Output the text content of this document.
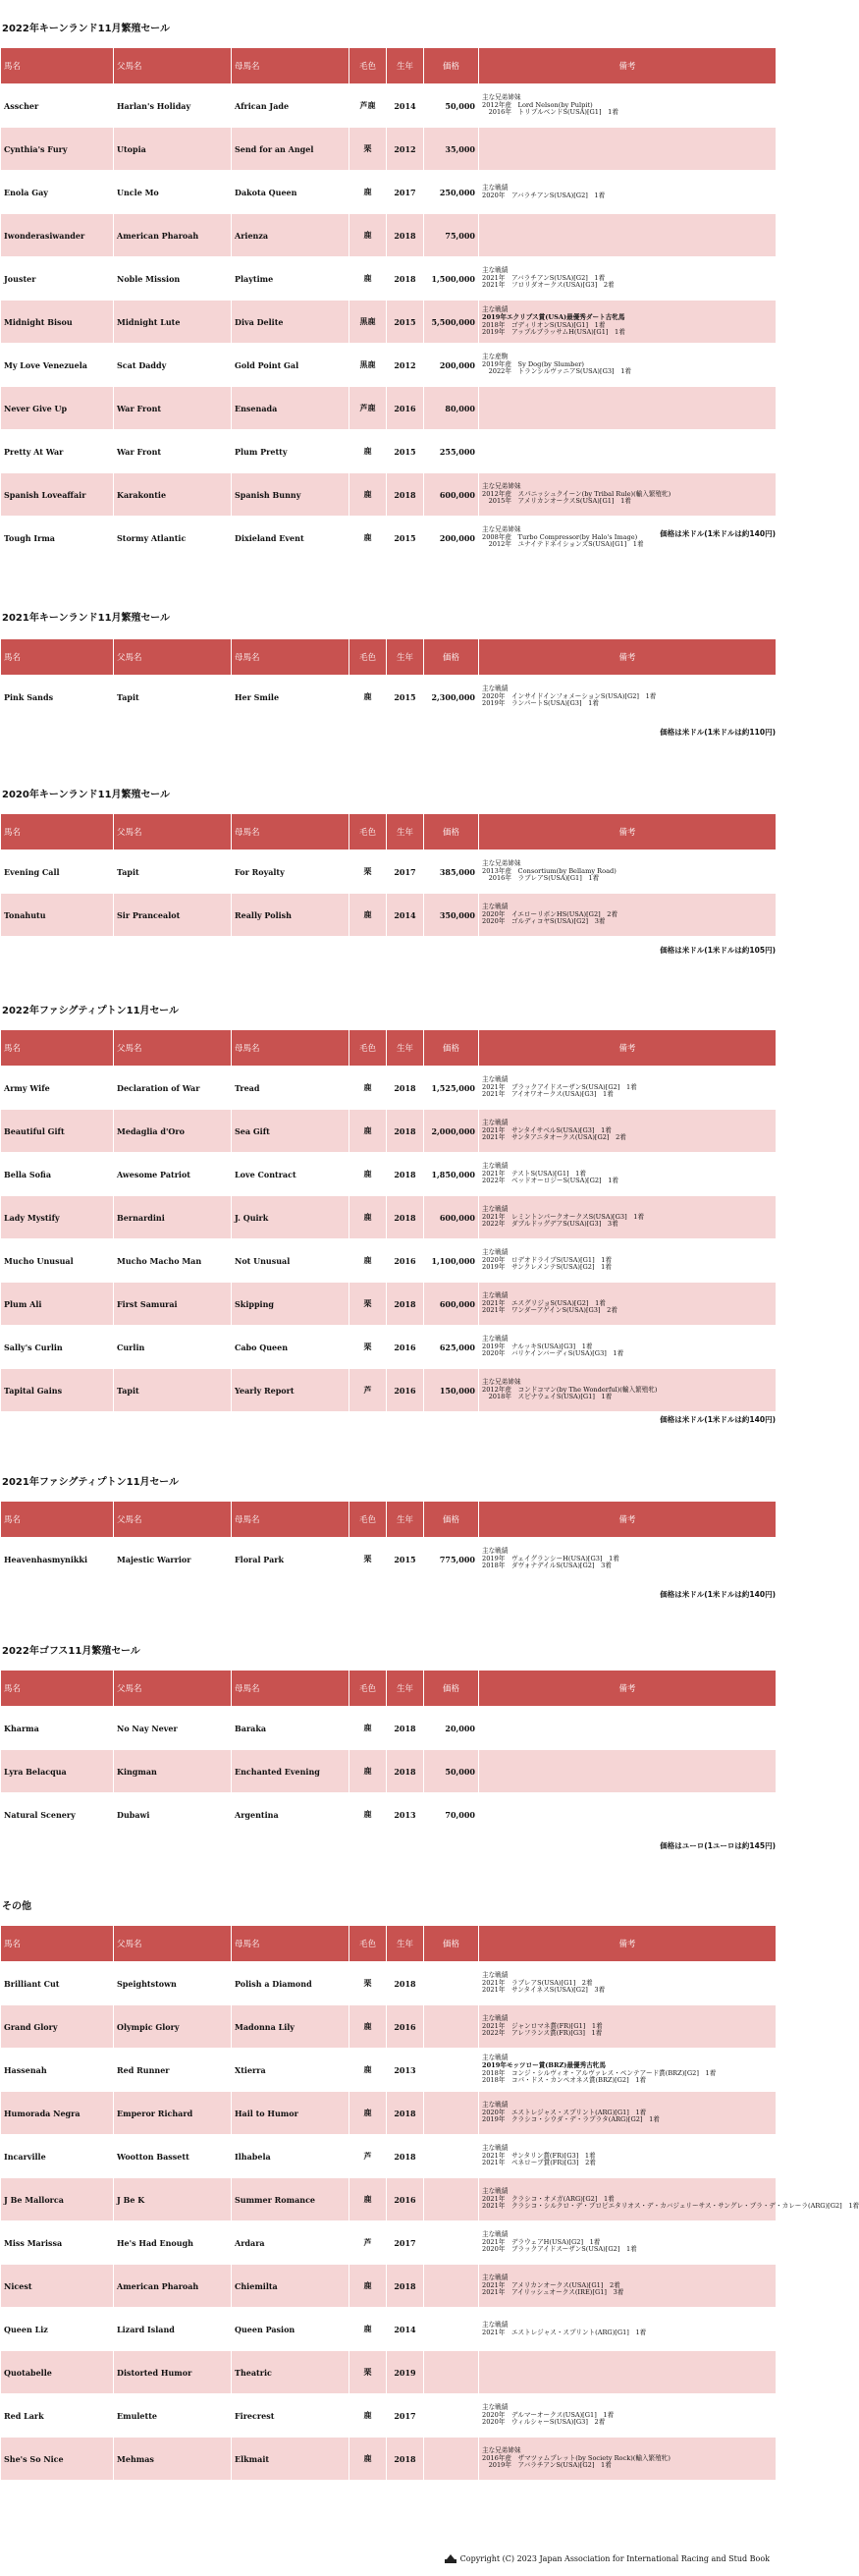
2022年キーンランド11月繁殖セール
馬名	父馬名	母馬名	毛色	生年	価格	備考
Asscher	Harlan's Holiday	African Jade	芦鹿	2014	50,000	主な兄弟姉妹
2012年産　Lord Nelson(by Pulpit)
　2016年　トリプルベンドS(USA)[G1]　1着

Cynthia's Fury	Utopia	Send for an Angel	栗	2012	35,000	
Enola Gay	Uncle Mo	Dakota Queen	鹿	2017	250,000	主な戦績
2020年　アバラチアンS(USA)[G2]　1着

Iwonderasiwander	American Pharoah	Arienza	鹿	2018	75,000	
Jouster	Noble Mission	Playtime	鹿	2018	1,500,000	主な戦績
2021年　アバラチアンS(USA)[G2]　1着
2021年　フロリダオークス(USA)[G3]　2着

Midnight Bisou	Midnight Lute	Diva Delite	黒鹿	2015	5,500,000	主な戦績
2019年エクリプス賞(USA)最優秀ダート古牝馬
2018年　ゴディリオンS(USA)[G1]　1着
2019年　アップルブラッサムH(USA)[G1]　1着

My Love Venezuela	Scat Daddy	Gold Point Gal	黒鹿	2012	200,000	主な産駒
2019年産　Sy Dog(by Slumber)
　2022年　トランシルヴァニアS(USA)[G3]　1着

Never Give Up	War Front	Ensenada	芦鹿	2016	80,000	
Pretty At War	War Front	Plum Pretty	鹿	2015	255,000	
Spanish Loveaffair	Karakontie	Spanish Bunny	鹿	2018	600,000	主な兄弟姉妹
2012年産　スパニッシュクイーン(by Tribal Rule)(輸入繁殖牝)
　2015年　アメリカンオークスS(USA)[G1]　1着

Tough Irma	Stormy Atlantic	Dixieland Event	鹿	2015	200,000	主な兄弟姉妹
2008年産　Turbo Compressor(by Halo's Image)
　2012年　ユナイテドネイションズS(USA)[G1]　1着
価格は米ドル(1米ドルは約140円)
2021年キーンランド11月繁殖セール
馬名	父馬名	母馬名	毛色	生年	価格	備考
Pink Sands	Tapit	Her Smile	鹿	2015	2,300,000	主な戦績
2020年　インサイドインフォメーションS(USA)[G2]　1着
2019年　ランパートS(USA)[G3]　1着
価格は米ドル(1米ドルは約110円)
2020年キーンランド11月繁殖セール
馬名	父馬名	母馬名	毛色	生年	価格	備考
Evening Call	Tapit	For Royalty	栗	2017	385,000	主な兄弟姉妹
2013年産　Consortium(by Bellamy Road)
　2016年　ラブレアS(USA)[G1]　1着

Tonahutu	Sir Prancealot	Really Polish	鹿	2014	350,000	主な戦績
2020年　イエローリボンHS(USA)[G2]　2着
2020年　ゴルディコヤS(USA)[G2]　3着
価格は米ドル(1米ドルは約105円)
2022年ファシグティプトン11月セール
馬名	父馬名	母馬名	毛色	生年	価格	備考
Army Wife	Declaration of War	Tread	鹿	2018	1,525,000	主な戦績
2021年　ブラックアイドスーザンS(USA)[G2]　1着
2021年　アイオワオークス(USA)[G3]　1着

Beautiful Gift	Medaglia d'Oro	Sea Gift	鹿	2018	2,000,000	主な戦績
2021年　サンタイサベルS(USA)[G3]　1着
2021年　サンタアニタオークス(USA)[G2]　2着

Bella Sofia	Awesome Patriot	Love Contract	鹿	2018	1,850,000	主な戦績
2021年　テストS(USA)[G1]　1着
2022年　ベッドオーロジーS(USA)[G2]　1着

Lady Mystify	Bernardini	J. Quirk	鹿	2018	600,000	主な戦績
2021年　レミントンパークオークスS(USA)[G3]　1着
2022年　ダブルドッグデアS(USA)[G3]　3着

Mucho Unusual	Mucho Macho Man	Not Unusual	鹿	2016	1,100,000	主な戦績
2020年　ロデオドライブS(USA)[G1]　1着
2019年　サンクレメンテS(USA)[G2]　1着

Plum Ali	First Samurai	Skipping	栗	2018	600,000	主な戦績
2021年　エスグリジョS(USA)[G2]　1着
2021年　ワンダーアゲインS(USA)[G3]　2着

Sally's Curlin	Curlin	Cabo Queen	栗	2016	625,000	主な戦績
2019年　ナルッキS(USA)[G3]　1着
2020年　バリケインバーディS(USA)[G3]　1着

Tapital Gains	Tapit	Yearly Report	芦	2016	150,000	主な兄弟姉妹
2012年産　コンドコマン(by The Wonderful)(輸入繁殖牝)
　2018年　スピナウェイS(USA)[G1]　1着
価格は米ドル(1米ドルは約140円)
2021年ファシグティプトン11月セール
馬名	父馬名	母馬名	毛色	生年	価格	備考
Heavenhasmynikki	Majestic Warrior	Floral Park	栗	2015	775,000	主な戦績
2019年　ヴェイグランシーH(USA)[G3]　1着
2018年　ダヴォナデイルS(USA)[G2]　3着
価格は米ドル(1米ドルは約140円)
2022年ゴフス11月繁殖セール
馬名	父馬名	母馬名	毛色	生年	価格	備考
Kharma	No Nay Never	Baraka	鹿	2018	20,000	
Lyra Belacqua	Kingman	Enchanted Evening	鹿	2018	50,000	
Natural Scenery	Dubawi	Argentina	鹿	2013	70,000	
価格はユーロ(1ユーロは約145円)
その他
馬名	父馬名	母馬名	毛色	生年	価格	備考
Brilliant Cut	Speightstown	Polish a Diamond	栗	2018		主な戦績
2021年　ラブレアS(USA)[G1]　2着
2021年　サンタイネスS(USA)[G2]　3着

Grand Glory	Olympic Glory	Madonna Lily	鹿	2016		主な戦績
2021年　ジャンロマネ賞(FR)[G1]　1着
2022年　アレフランス賞(FR)[G3]　1着

Hassenah	Red Runner	Xtierra	鹿	2013		主な戦績
2019年モッツロー賞(BRZ)最優秀古牝馬
2018年　コンジ・シルヴィオ・アルヴァレス・ペンテアード賞(BRZ)[G2]　1着
2018年　コパ・ドス・カンペオネス賞(BRZ)[G2]　1着

Humorada Negra	Emperor Richard	Hail to Humor	鹿	2018		主な戦績
2020年　エストレジャス・スプリント(ARG)[G1]　1着
2019年　クラシコ・シウダ・デ・ラプラタ(ARG)[G2]　1着

Incarville	Wootton Bassett	Ilhabela	芦	2018		主な戦績
2021年　サンタリン賞(FR)[G3]　1着
2021年　ペネローブ賞(FR)[G3]　2着

J Be Mallorca	J Be K	Summer Romance	鹿	2016		主な戦績
2021年　クラシコ・オメガ(ARG)[G2]　1着
2021年　クラシコ・シルクロ・デ・プロピエタリオス・デ・カバジェリーサス・サングレ・プラ・デ・カレーラ(ARG)[G2]　1着

Miss Marissa	He's Had Enough	Ardara	芦	2017		主な戦績
2021年　デラウェアH(USA)[G2]　1着
2020年　ブラックアイドスーザンS(USA)[G2]　1着

Nicest	American Pharoah	Chiemilta	鹿	2018		主な戦績
2021年　アメリカンオークス(USA)[G1]　2着
2021年　アイリッシュオークス(IRE)[G1]　3着

Queen Liz	Lizard Island	Queen Pasion	鹿	2014		主な戦績
2021年　エストレジャス・スプリント(ARG)[G1]　1着

Quotabelle	Distorted Humor	Theatric	栗	2019		
Red Lark	Emulette	Firecrest	鹿	2017		主な戦績
2020年　デルマーオークス(USA)[G1]　1着
2020年　ウィルシャーS(USA)[G3]　2着

She's So Nice	Mehmas	Elkmait	鹿	2018		主な兄弟姉妹
2016年産　ザマツァムプレット(by Society Rock)(輸入繁殖牝)
　2019年　アバラチアンS(USA)[G2]　1着
Copyright (C) 2023 Japan Association for International Racing and Stud Book
